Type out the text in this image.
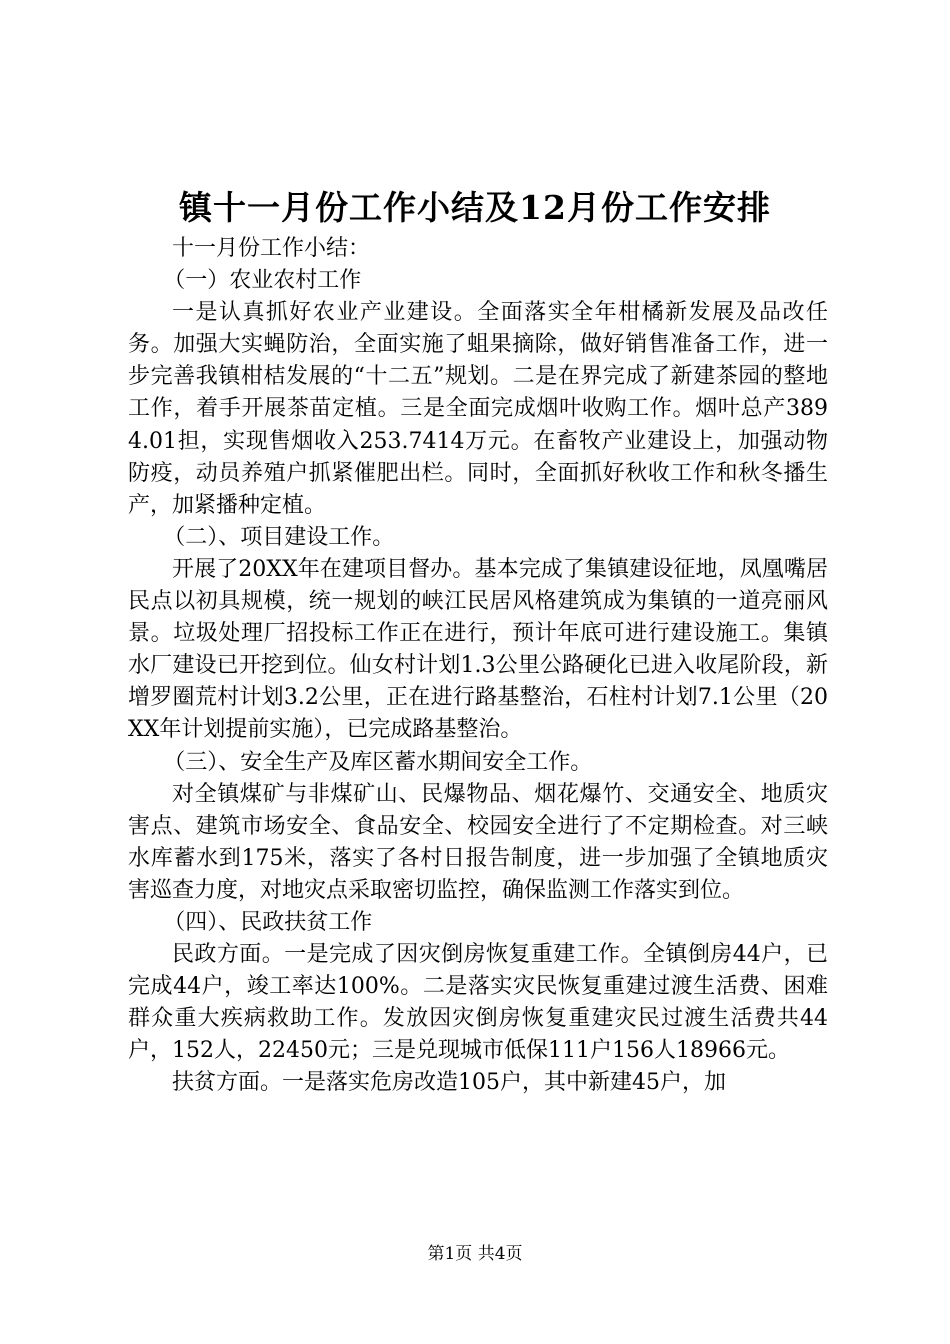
镇十一月份工作小结及12月份工作安排

十一月份工作小结：

（一）农业农村工作

一是认真抓好农业产业建设。全面落实全年柑橘新发展及品改任务。加强大实蝇防治，全面实施了蛆果摘除，做好销售准备工作，进一步完善我镇柑桔发展的“十二五”规划。二是在界完成了新建茶园的整地工作，着手开展茶苗定植。三是全面完成烟叶收购工作。烟叶总产3894.01担，实现售烟收入253.7414万元。在畜牧产业建设上，加强动物防疫，动员养殖户抓紧催肥出栏。同时，全面抓好秋收工作和秋冬播生产，加紧播种定植。

（二）、项目建设工作。

开展了20XX年在建项目督办。基本完成了集镇建设征地，凤凰嘴居民点以初具规模，统一规划的峡江民居风格建筑成为集镇的一道亮丽风景。垃圾处理厂招投标工作正在进行，预计年底可进行建设施工。集镇水厂建设已开挖到位。仙女村计划1.3公里公路硬化已进入收尾阶段，新增罗圈荒村计划3.2公里，正在进行路基整治，石柱村计划7.1公里（20XX年计划提前实施），已完成路基整治。

（三）、安全生产及库区蓄水期间安全工作。

对全镇煤矿与非煤矿山、民爆物品、烟花爆竹、交通安全、地质灾害点、建筑市场安全、食品安全、校园安全进行了不定期检查。对三峡水库蓄水到175米，落实了各村日报告制度，进一步加强了全镇地质灾害巡查力度，对地灾点采取密切监控，确保监测工作落实到位。

（四）、民政扶贫工作

民政方面。一是完成了因灾倒房恢复重建工作。全镇倒房44户，已完成44户，竣工率达100%。二是落实灾民恢复重建过渡生活费、困难群众重大疾病救助工作。发放因灾倒房恢复重建灾民过渡生活费共44户，152人，22450元；三是兑现城市低保111户156人18966元。

扶贫方面。一是落实危房改造105户，其中新建45户，加

第1页 共4页
